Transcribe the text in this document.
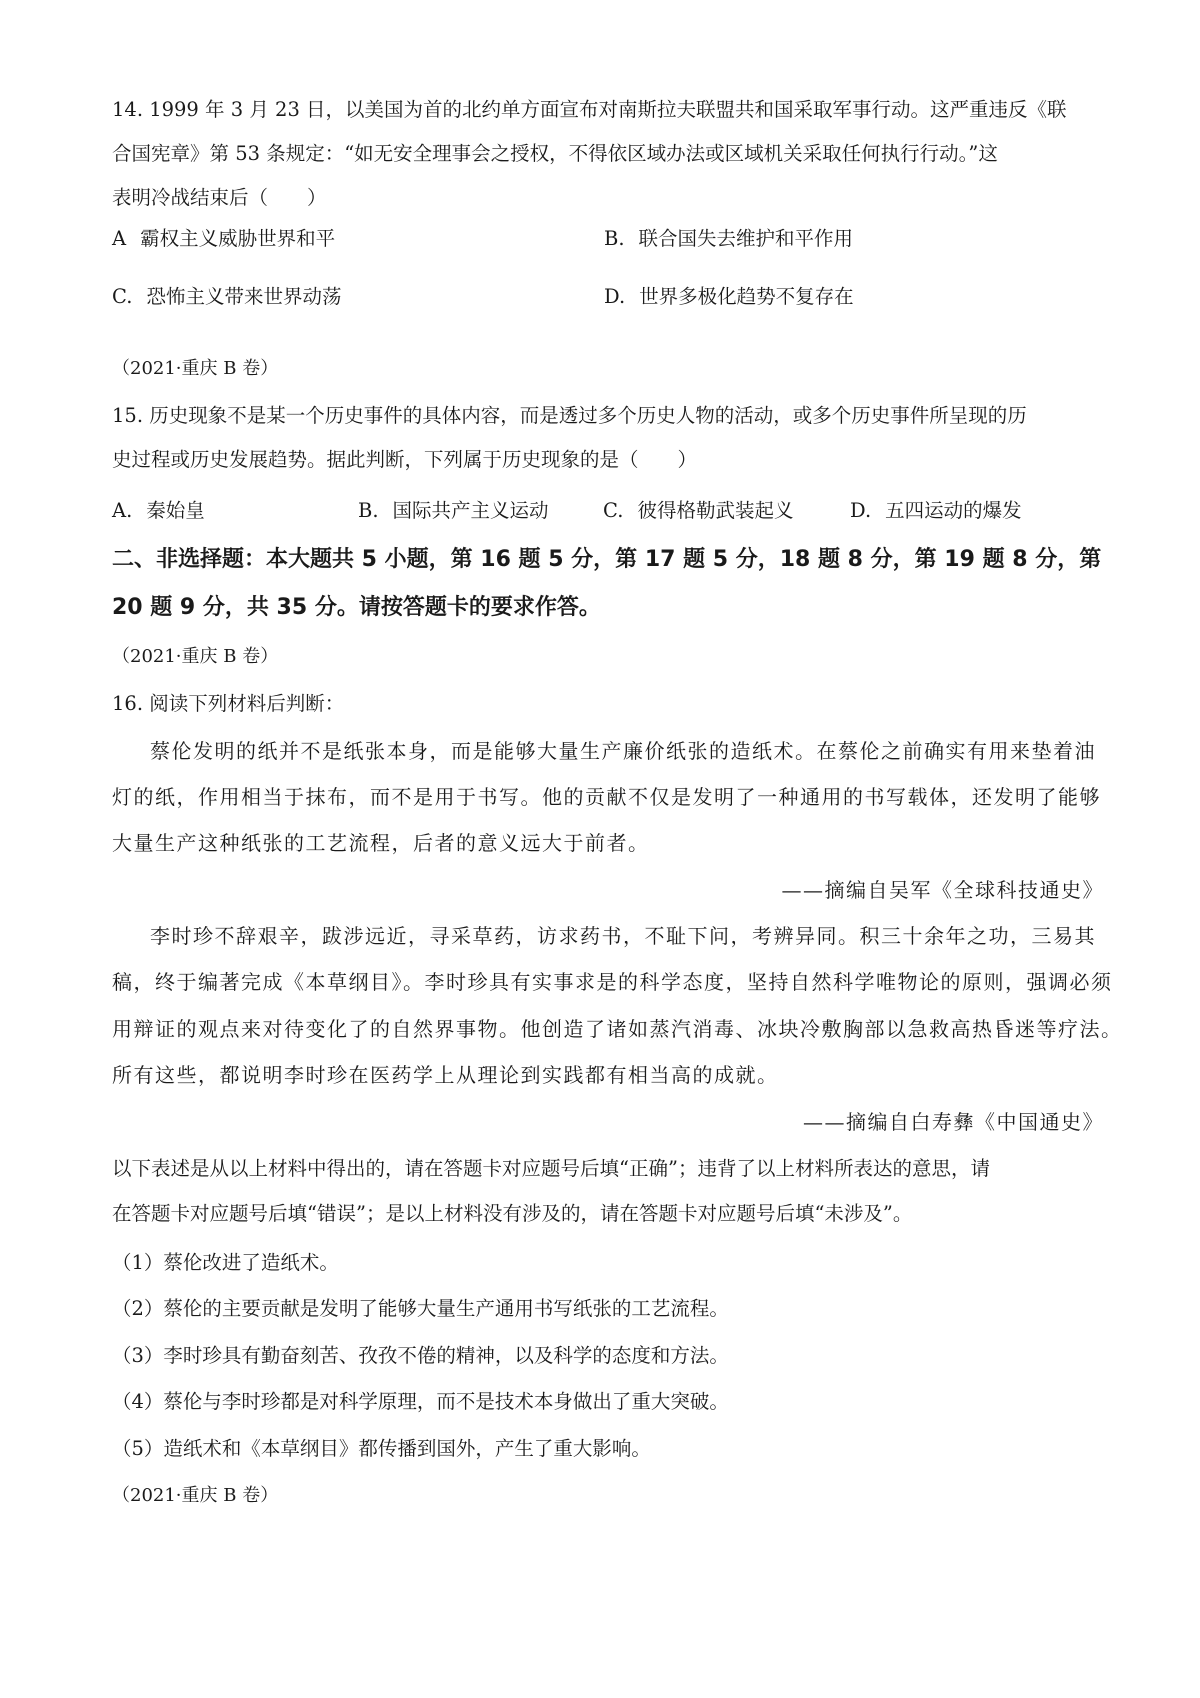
14. 1999 年 3 月 23 日，以美国为首的北约单方面宣布对南斯拉夫联盟共和国采取军事行动。这严重违反《联
合国宪章》第 53 条规定：“如无安全理事会之授权，不得依区域办法或区域机关采取任何执行行动。”这
表明冷战结束后（　　）
A 霸权主义威胁世界和平	B. 联合国失去维护和平作用
C. 恐怖主义带来世界动荡	D. 世界多极化趋势不复存在
（2021·重庆 B 卷）
15. 历史现象不是某一个历史事件的具体内容，而是透过多个历史人物的活动，或多个历史事件所呈现的历
史过程或历史发展趋势。据此判断，下列属于历史现象的是（　　）
A. 秦始皇	B. 国际共产主义运动	C. 彼得格勒武装起义	D. 五四运动的爆发
二、非选择题：本大题共 5 小题，第 16 题 5 分，第 17 题 5 分，18 题 8 分，第 19 题 8 分，第
20 题 9 分，共 35 分。请按答题卡的要求作答。
（2021·重庆 B 卷）
16. 阅读下列材料后判断：
蔡伦发明的纸并不是纸张本身，而是能够大量生产廉价纸张的造纸术。在蔡伦之前确实有用来垫着油
灯的纸，作用相当于抹布，而不是用于书写。他的贡献不仅是发明了一种通用的书写载体，还发明了能够
大量生产这种纸张的工艺流程，后者的意义远大于前者。
——摘编自吴军《全球科技通史》
李时珍不辞艰辛，跋涉远近，寻采草药，访求药书，不耻下问，考辨异同。积三十余年之功，三易其
稿，终于编著完成《本草纲目》。李时珍具有实事求是的科学态度，坚持自然科学唯物论的原则，强调必须
用辩证的观点来对待变化了的自然界事物。他创造了诸如蒸汽消毒、冰块冷敷胸部以急救高热昏迷等疗法。
所有这些，都说明李时珍在医药学上从理论到实践都有相当高的成就。
——摘编自白寿彝《中国通史》
以下表述是从以上材料中得出的，请在答题卡对应题号后填“正确”；违背了以上材料所表达的意思，请
在答题卡对应题号后填“错误”；是以上材料没有涉及的，请在答题卡对应题号后填“未涉及”。
（1）蔡伦改进了造纸术。
（2）蔡伦的主要贡献是发明了能够大量生产通用书写纸张的工艺流程。
（3）李时珍具有勤奋刻苦、孜孜不倦的精神，以及科学的态度和方法。
（4）蔡伦与李时珍都是对科学原理，而不是技术本身做出了重大突破。
（5）造纸术和《本草纲目》都传播到国外，产生了重大影响。
（2021·重庆 B 卷）
